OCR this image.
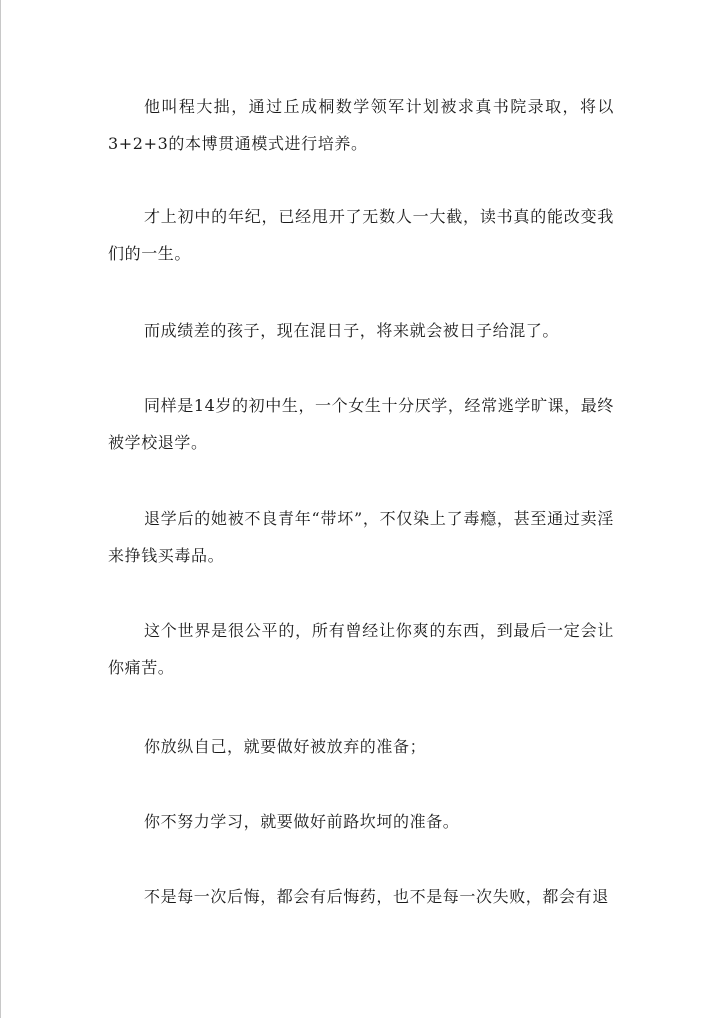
他叫程大拙，通过丘成桐数学领军计划被求真书院录取，将以3+2+3的本博贯通模式进行培养。

才上初中的年纪，已经甩开了无数人一大截，读书真的能改变我们的一生。

而成绩差的孩子，现在混日子，将来就会被日子给混了。

同样是14岁的初中生，一个女生十分厌学，经常逃学旷课，最终被学校退学。

退学后的她被不良青年“带坏”，不仅染上了毒瘾，甚至通过卖淫来挣钱买毒品。

这个世界是很公平的，所有曾经让你爽的东西，到最后一定会让你痛苦。

你放纵自己，就要做好被放弃的准备；

你不努力学习，就要做好前路坎坷的准备。

不是每一次后悔，都会有后悔药，也不是每一次失败，都会有退
